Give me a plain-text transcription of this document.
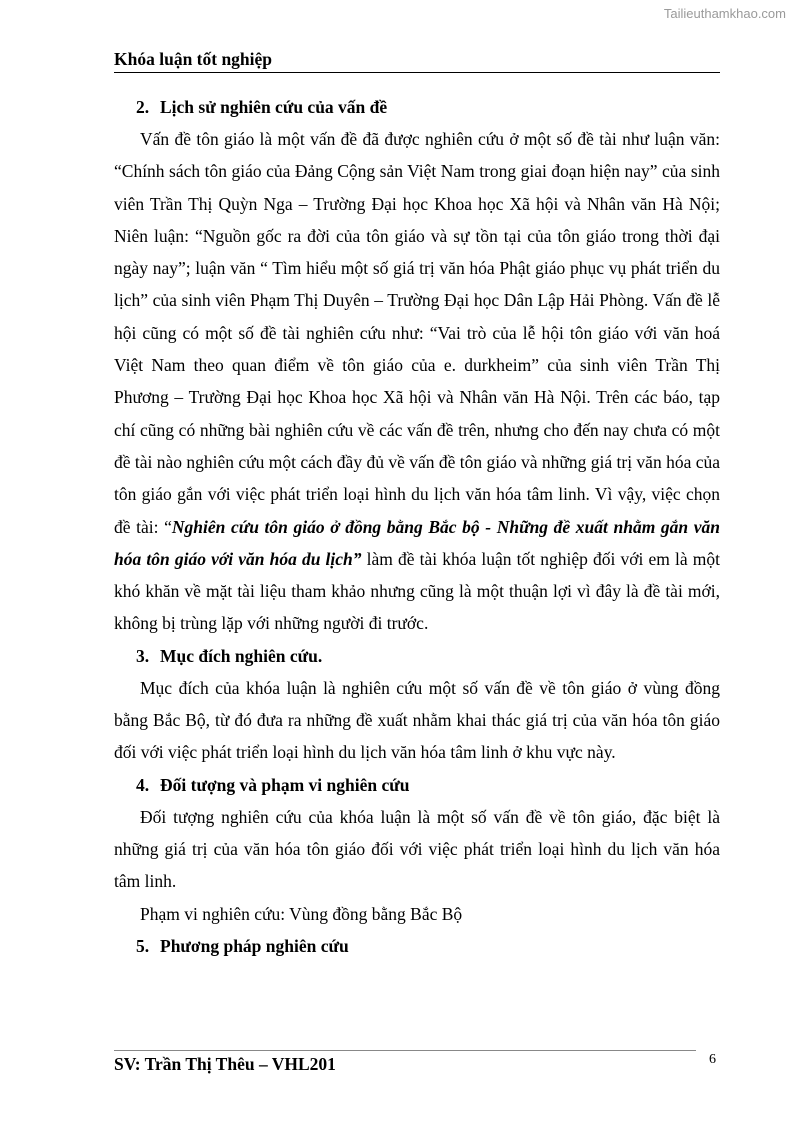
Tailieuthamkhao.com
Khóa luận tốt nghiệp
2. Lịch sử nghiên cứu của vấn đề

Vấn đề tôn giáo là một vấn đề đã được nghiên cứu ở một số đề tài như luận văn: “Chính sách tôn giáo của Đảng Cộng sản Việt Nam trong giai đoạn hiện nay” của sinh viên Trần Thị Quỳn Nga – Trường Đại học Khoa học Xã hội và Nhân văn Hà Nội; Niên luận: “Nguồn gốc ra đời của tôn giáo và sự tồn tại của tôn giáo trong thời đại ngày nay”; luận văn “ Tìm hiểu một số giá trị văn hóa Phật giáo phục vụ phát triển du lịch” của sinh viên Phạm Thị Duyên – Trường Đại học Dân Lập Hải Phòng. Vấn đề lễ hội cũng có một số đề tài nghiên cứu như: “Vai trò của lễ hội tôn giáo với văn hoá Việt Nam theo quan điểm về tôn giáo của e. durkheim” của sinh viên Trần Thị Phương – Trường Đại học Khoa học Xã hội và Nhân văn Hà Nội. Trên các báo, tạp chí cũng có những bài nghiên cứu về các vấn đề trên, nhưng cho đến nay chưa có một đề tài nào nghiên cứu một cách đầy đủ về vấn đề tôn giáo và những giá trị văn hóa của tôn giáo gắn với việc phát triển loại hình du lịch văn hóa tâm linh. Vì vậy, việc chọn đề tài: “Nghiên cứu tôn giáo ở đồng bằng Bắc bộ - Những đề xuất nhằm gắn văn hóa tôn giáo với văn hóa du lịch” làm đề tài khóa luận tốt nghiệp đối với em là một khó khăn về mặt tài liệu tham khảo nhưng cũng là một thuận lợi vì đây là đề tài mới, không bị trùng lặp với những người đi trước.

3. Mục đích nghiên cứu.

Mục đích của khóa luận là nghiên cứu một số vấn đề về tôn giáo ở vùng đồng bằng Bắc Bộ, từ đó đưa ra những đề xuất nhằm khai thác giá trị của văn hóa tôn giáo đối với việc phát triển loại hình du lịch văn hóa tâm linh ở khu vực này.

4. Đối tượng và phạm vi nghiên cứu

Đối tượng nghiên cứu của khóa luận là một số vấn đề về tôn giáo, đặc biệt là những giá trị của văn hóa tôn giáo đối với việc phát triển loại hình du lịch văn hóa tâm linh.

Phạm vi nghiên cứu: Vùng đồng bằng Bắc Bộ

5. Phương pháp nghiên cứu
SV: Trần Thị Thêu – VHL201	6
